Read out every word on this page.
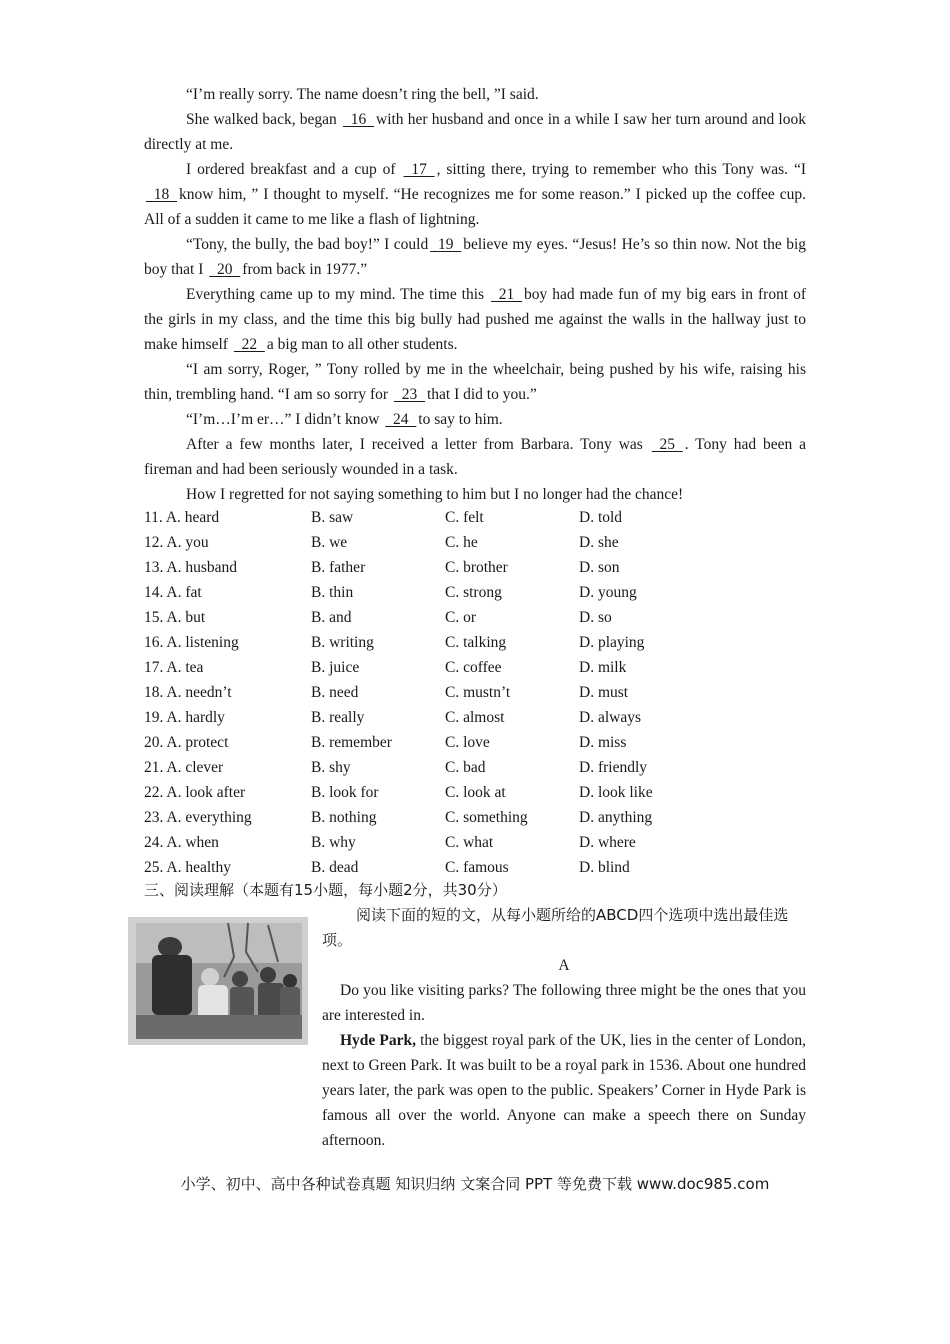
“I’m really sorry. The name doesn’t ring the bell, ”I said.

She walked back, began   16  with her husband and once in a while I saw her turn around and look directly at me.

I ordered breakfast and a cup of   17  , sitting there, trying to remember who this Tony was. “I   18  know him, ” I thought to myself. “He recognizes me for some reason.” I picked up the coffee cup. All of a sudden it came to me like a flash of lightning.

“Tony, the bully, the bad boy!” I could  19  believe my eyes. “Jesus! He’s so thin now. Not the big boy that I   20  from back in 1977.”

Everything came up to my mind. The time this   21  boy had made fun of my big ears in front of the girls in my class, and the time this big bully had pushed me against the walls in the hallway just to make himself   22  a big man to all other students.

“I am sorry, Roger, ” Tony rolled by me in the wheelchair, being pushed by his wife, raising his thin, trembling hand. “I am so sorry for   23  that I did to you.”

“I’m…I’m er…” I didn’t know   24  to say to him.

After a few months later, I received a letter from Barbara. Tony was   25  . Tony had been a fireman and had been seriously wounded in a task.

How I regretted for not saying something to him but I no longer had the chance!

11. A. heard	B. saw	C. felt	D. told
12. A. you	B. we	C. he	D. she
13. A. husband	B. father	C. brother	D. son
14. A. fat	B. thin	C. strong	D. young
15. A. but	B. and	C. or	D. so
16. A. listening	B. writing	C. talking	D. playing
17. A. tea	B. juice	C. coffee	D. milk
18. A. needn’t	B. need	C. mustn’t	D. must
19. A. hardly	B. really	C. almost	D. always
20. A. protect	B. remember	C. love	D. miss
21. A. clever	B. shy	C. bad	D. friendly
22. A. look after	B. look for	C. look at	D. look like
23. A. everything	B. nothing	C. something	D. anything
24. A. when	B. why	C. what	D. where
25. A. healthy	B. dead	C. famous	D. blind
三、阅读理解（本题有15小题，每小题2分，共30分）

阅读下面的短的文，从每小题所给的ABCD四个选项中选出最佳选项。

A
Do you like visiting parks? The following three might be the ones that you are interested in.
Hyde Park, the biggest royal park of the UK, lies in the center of London, next to Green Park. It was built to be a royal park in 1536. About one hundred years later, the park was open to the public. Speakers’ Corner in Hyde Park is famous all over the world. Anyone can make a speech there on Sunday afternoon.
小学、初中、高中各种试卷真题 知识归纳 文案合同 PPT 等免费下载 www.doc985.com
